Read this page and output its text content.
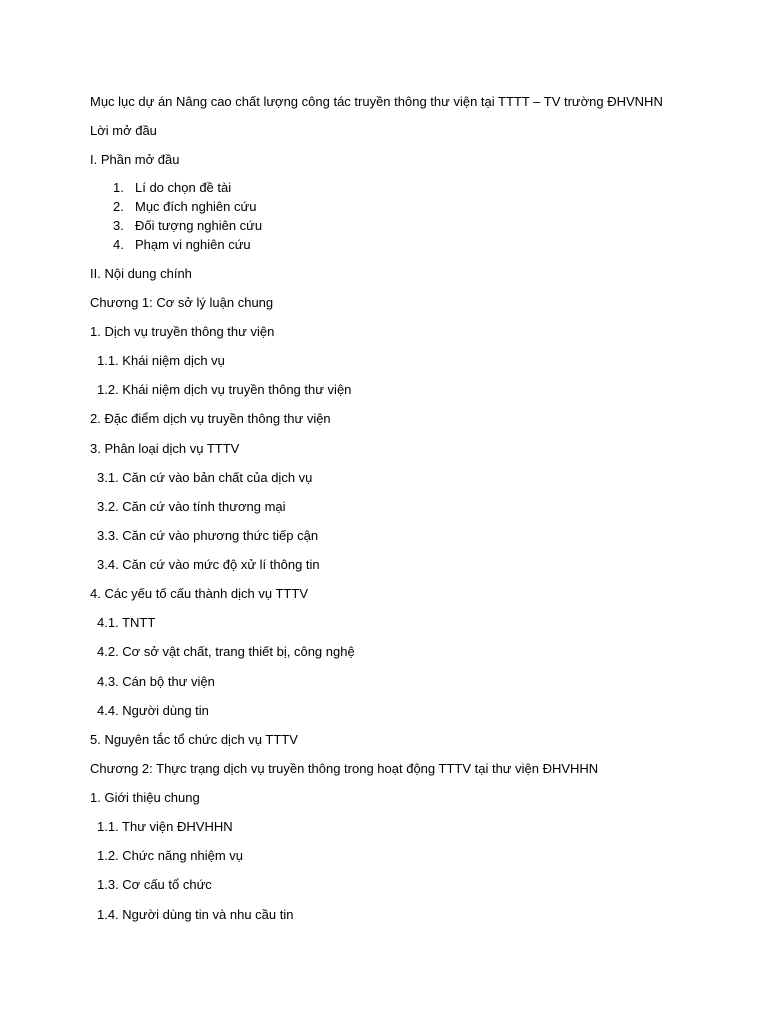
Mục lục dự án Nâng cao chất lượng công tác truyền thông thư viện tại TTTT – TV trường ĐHVNHN
Lời mở đầu
I. Phần mở đầu
1. Lí do chọn đề tài
2. Mục đích nghiên cứu
3. Đối tượng nghiên cứu
4. Phạm vi nghiên cứu
II. Nội dung chính
Chương 1: Cơ sở lý luận chung
1. Dịch vụ truyền thông thư viện
1.1. Khái niệm dịch vụ
1.2. Khái niệm dịch vụ truyền thông thư viện
2. Đặc điểm dịch vụ truyền thông thư viện
3. Phân loại dịch vụ TTTV
3.1. Căn cứ vào bản chất của dịch vụ
3.2. Căn cứ vào tính thương mại
3.3. Căn cứ vào phương thức tiếp cận
3.4. Căn cứ vào mức độ xử lí thông tin
4. Các yếu tố cấu thành dịch vụ TTTV
4.1. TNTT
4.2. Cơ sở vật chất, trang thiết bị, công nghệ
4.3. Cán bộ thư viện
4.4. Người dùng tin
5. Nguyên tắc tổ chức dịch vụ TTTV
Chương 2: Thực trạng dịch vụ truyền thông trong hoạt động TTTV tại thư viện ĐHVHHN
1. Giới thiệu chung
1.1. Thư viện ĐHVHHN
1.2. Chức năng nhiệm vụ
1.3. Cơ cấu tổ chức
1.4. Người dùng tin và nhu cầu tin
